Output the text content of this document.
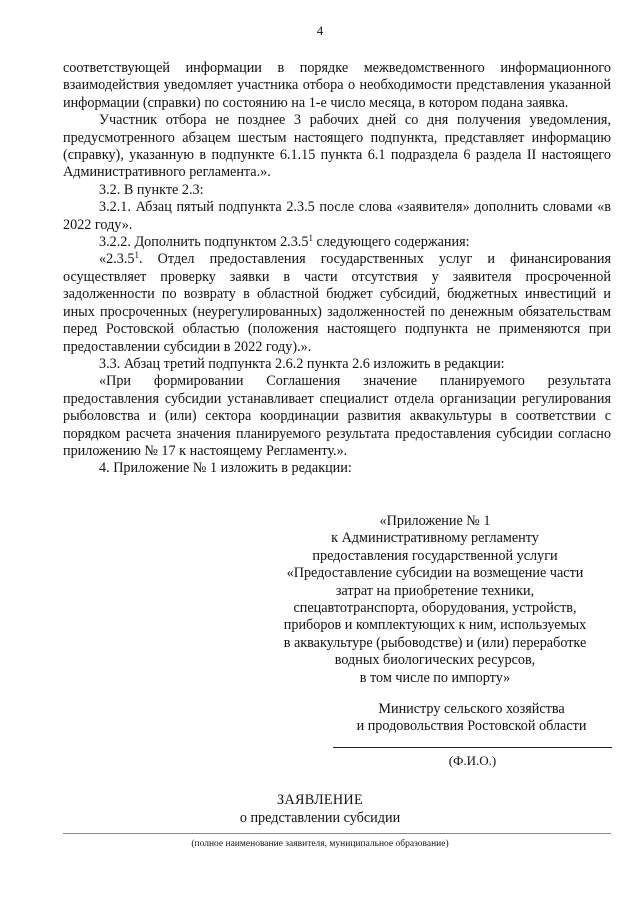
4

соответствующей информации в порядке межведомственного информационного взаимодействия уведомляет участника отбора о необходимости представления указанной информации (справки) по состоянию на 1-е число месяца, в котором подана заявка.

Участник отбора не позднее 3 рабочих дней со дня получения уведомления, предусмотренного абзацем шестым настоящего подпункта, представляет информацию (справку), указанную в подпункте 6.1.15 пункта 6.1 подраздела 6 раздела II настоящего Административного регламента.».

3.2. В пункте 2.3:

3.2.1. Абзац пятый подпункта 2.3.5 после слова «заявителя» дополнить словами «в 2022 году».

3.2.2. Дополнить подпунктом 2.3.5$^1$ следующего содержания:

«2.3.5$^1$. Отдел предоставления государственных услуг и финансирования осуществляет проверку заявки в части отсутствия у заявителя просроченной задолженности по возврату в областной бюджет субсидий, бюджетных инвестиций и иных просроченных (неурегулированных) задолженностей по денежным обязательствам перед Ростовской областью (положения настоящего подпункта не применяются при предоставлении субсидии в 2022 году).».

3.3. Абзац третий подпункта 2.6.2 пункта 2.6 изложить в редакции:

«При формировании Соглашения значение планируемого результата предоставления субсидии устанавливает специалист отдела организации регулирования рыболовства и (или) сектора координации развития аквакультуры в соответствии с порядком расчета значения планируемого результата предоставления субсидии согласно приложению № 17 к настоящему Регламенту.».

4. Приложение № 1 изложить в редакции:

«Приложение № 1

к Административному регламенту

предоставления государственной услуги

«Предоставление субсидии на возмещение части

затрат на приобретение техники,

спецавтотранспорта, оборудования, устройств,

приборов и комплектующих к ним, используемых

в аквакультуре (рыбоводстве) и (или) переработке

водных биологических ресурсов,

в том числе по импорту»

Министру сельского хозяйства

и продовольствия Ростовской области

(Ф.И.О.)
ЗАЯВЛЕНИЕ
о представлении субсидии
(полное наименование заявителя, муниципальное образование)
